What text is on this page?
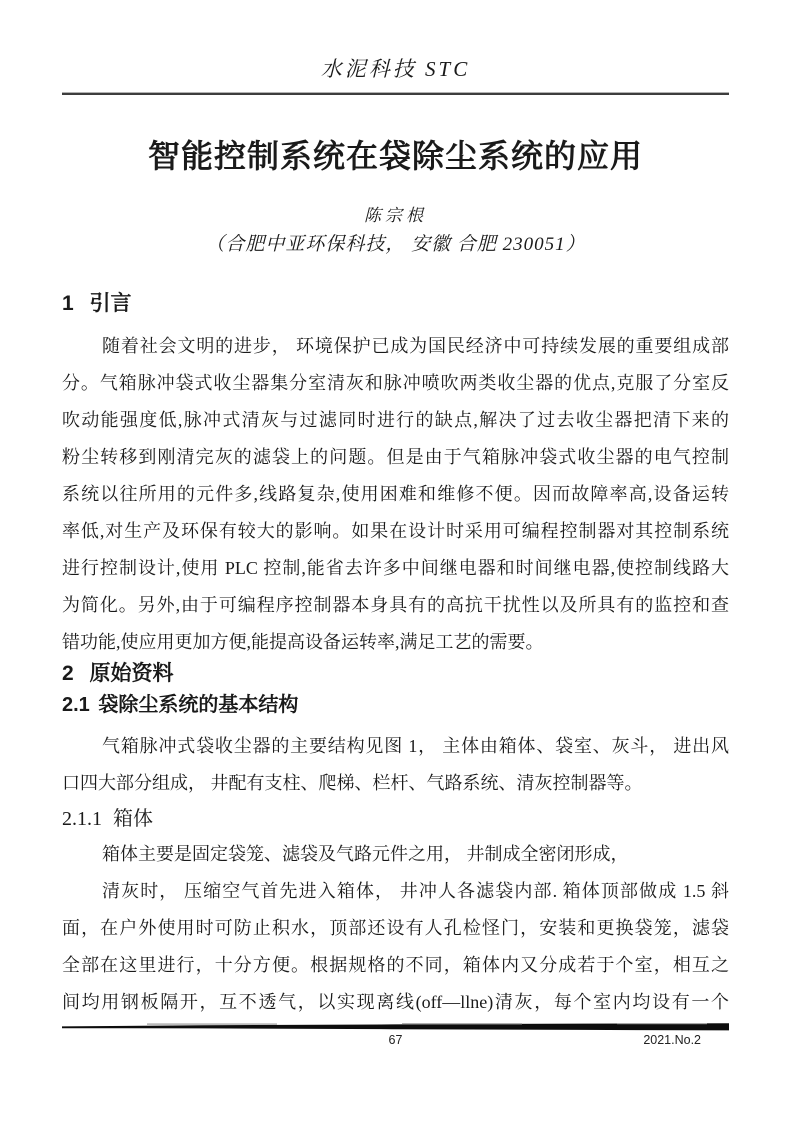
水泥科技 STC
智能控制系统在袋除尘系统的应用
陈宗根
（合肥中亚环保科技， 安徽 合肥 230051）
1 引言
随着社会文明的进步， 环境保护已成为国民经济中可持续发展的重要组成部
分。气箱脉冲袋式收尘器集分室清灰和脉冲喷吹两类收尘器的优点,克服了分室反
吹动能强度低,脉冲式清灰与过滤同时进行的缺点,解决了过去收尘器把清下来的
粉尘转移到刚清完灰的滤袋上的问题。但是由于气箱脉冲袋式收尘器的电气控制
系统以往所用的元件多,线路复杂,使用困难和维修不便。因而故障率高,设备运转
率低,对生产及环保有较大的影响。如果在设计时采用可编程控制器对其控制系统
进行控制设计,使用 PLC 控制,能省去许多中间继电器和时间继电器,使控制线路大
为简化。另外,由于可编程序控制器本身具有的高抗干扰性以及所具有的监控和查
错功能,使应用更加方便,能提高设备运转率,满足工艺的需要。
2 原始资料
2.1 袋除尘系统的基本结构
气箱脉冲式袋收尘器的主要结构见图 1， 主体由箱体、袋室、灰斗， 进出风
口四大部分组成， 井配有支柱、爬梯、栏杆、气路系统、清灰控制器等。
2.1.1 箱体
箱体主要是固定袋笼、滤袋及气路元件之用， 井制成全密闭形成，
清灰时， 压缩空气首先进入箱体， 井冲人各滤袋内部. 箱体顶部做成 1.5 斜
面，在户外使用时可防止积水，顶部还设有人孔检怪门，安装和更换袋笼，滤袋
全部在这里进行，十分方便。根据规格的不同，箱体内又分成若于个室，相互之
间均用钢板隔开，互不透气，以实现离线(off—llne)清灰，每个室内均设有一个
67	2021.No.2
